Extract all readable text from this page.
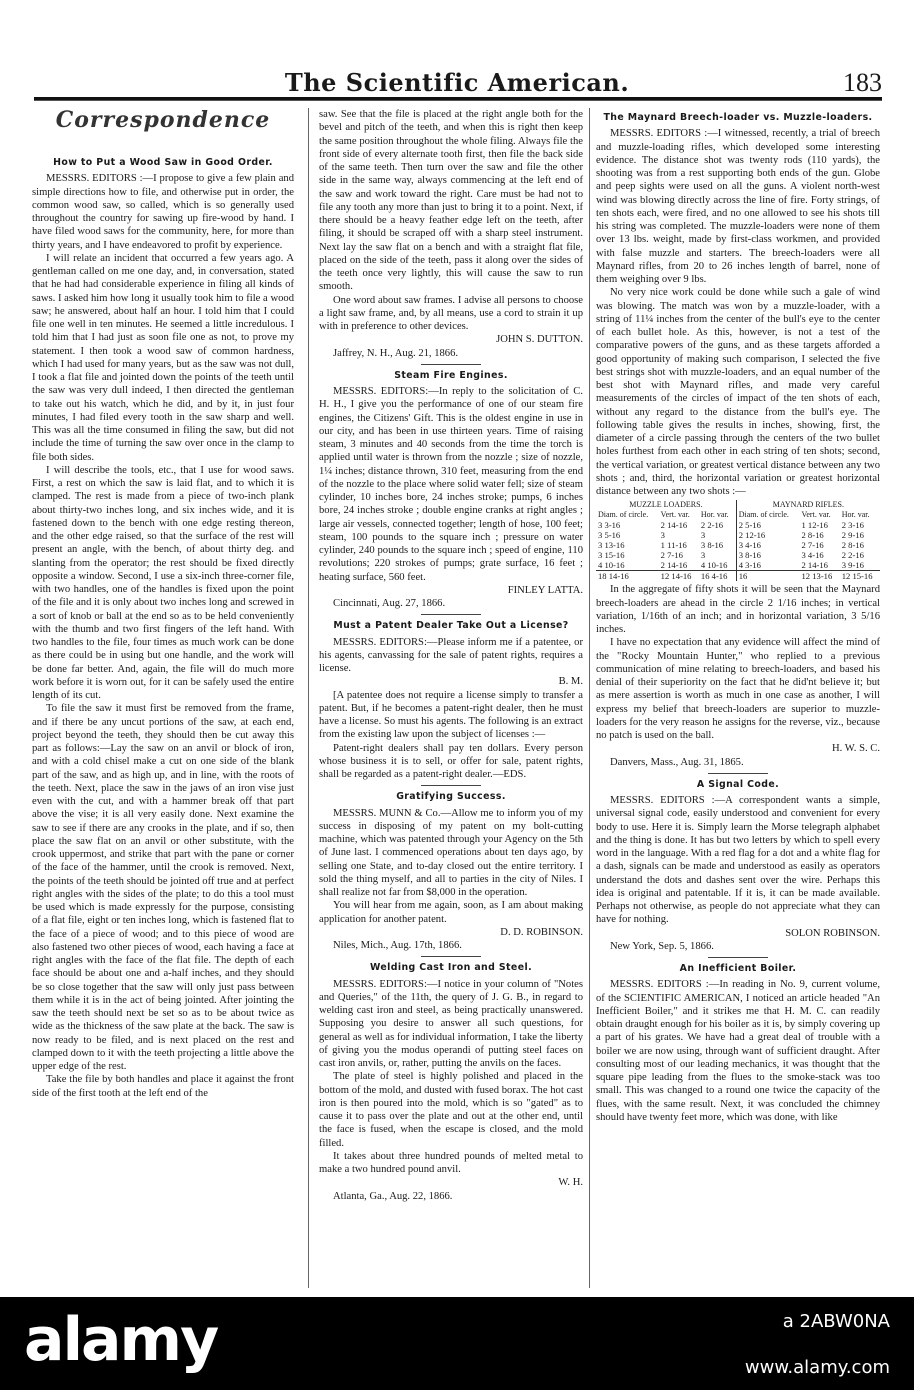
The Scientific American.	183
Correspondence
How to Put a Wood Saw in Good Order.

MESSRS. EDITORS :—I propose to give a few plain and simple directions how to file, and otherwise put in order, the common wood saw, so called, which is so generally used throughout the country for sawing up fire-wood by hand. I have filed wood saws for the community, here, for more than thirty years, and I have endeavored to profit by experience.

I will relate an incident that occurred a few years ago. A gentleman called on me one day, and, in conversation, stated that he had had considerable experience in filing all kinds of saws. I asked him how long it usually took him to file a wood saw; he answered, about half an hour. I told him that I could file one well in ten minutes. He seemed a little incredulous. I told him that I had just as soon file one as not, to prove my statement. I then took a wood saw of common hardness, which I had used for many years, but as the saw was not dull, I took a flat file and jointed down the points of the teeth until the saw was very dull indeed, I then directed the gentleman to take out his watch, which he did, and by it, in just four minutes, I had filed every tooth in the saw sharp and well. This was all the time consumed in filing the saw, but did not include the time of turning the saw over once in the clamp to file both sides.

I will describe the tools, etc., that I use for wood saws. First, a rest on which the saw is laid flat, and to which it is clamped. The rest is made from a piece of two-inch plank about thirty-two inches long, and six inches wide, and it is fastened down to the bench with one edge resting thereon, and the other edge raised, so that the surface of the rest will present an angle, with the bench, of about thirty deg. and slanting from the operator; the rest should be fixed directly opposite a window. Second, I use a six-inch three-corner file, with two handles, one of the handles is fixed upon the point of the file and it is only about two inches long and screwed in a sort of knob or ball at the end so as to be held conveniently with the thumb and two first fingers of the left hand. With two handles to the file, four times as much work can be done as there could be in using but one handle, and the work will be done far better. And, again, the file will do much more work before it is worn out, for it can be safely used the entire length of its cut.

To file the saw it must first be removed from the frame, and if there be any uncut portions of the saw, at each end, project beyond the teeth, they should then be cut away this part as follows:—Lay the saw on an anvil or block of iron, and with a cold chisel make a cut on one side of the blank part of the saw, and as high up, and in line, with the roots of the teeth. Next, place the saw in the jaws of an iron vise just even with the cut, and with a hammer break off that part above the vise; it is all very easily done. Next examine the saw to see if there are any crooks in the plate, and if so, then place the saw flat on an anvil or other substitute, with the crook uppermost, and strike that part with the pane or corner of the face of the hammer, until the crook is removed. Next, the points of the teeth should be jointed off true and at perfect right angles with the sides of the plate; to do this a tool must be used which is made expressly for the purpose, consisting of a flat file, eight or ten inches long, which is fastened flat to the face of a piece of wood; and to this piece of wood are also fastened two other pieces of wood, each having a face at right angles with the face of the flat file. The depth of each face should be about one and a-half inches, and they should be so close together that the saw will only just pass between them while it is in the act of being jointed. After jointing the saw the teeth should next be set so as to be about twice as wide as the thickness of the saw plate at the back. The saw is now ready to be filed, and is next placed on the rest and clamped down to it with the teeth projecting a little above the upper edge of the rest.

Take the file by both handles and place it against the front side of the first tooth at the left end of the

saw. See that the file is placed at the right angle both for the bevel and pitch of the teeth, and when this is right then keep the same position throughout the whole filing. Always file the front side of every alternate tooth first, then file the back side of the same teeth. Then turn over the saw and file the other side in the same way, always commencing at the left end of the saw and work toward the right. Care must be had not to file any tooth any more than just to bring it to a point. Next, if there should be a heavy feather edge left on the teeth, after filing, it should be scraped off with a sharp steel instrument. Next lay the saw flat on a bench and with a straight flat file, placed on the side of the teeth, pass it along over the sides of the teeth once very lightly, this will cause the saw to run smooth.

One word about saw frames. I advise all persons to choose a light saw frame, and, by all means, use a cord to strain it up with in preference to other devices.

JOHN S. DUTTON.

Jaffrey, N. H., Aug. 21, 1866.

Steam Fire Engines.

MESSRS. EDITORS:—In reply to the solicitation of C. H. H., I give you the performance of one of our steam fire engines, the Citizens' Gift. This is the oldest engine in use in our city, and has been in use thirteen years. Time of raising steam, 3 minutes and 40 seconds from the time the torch is applied until water is thrown from the nozzle ; size of nozzle, 1¼ inches; distance thrown, 310 feet, measuring from the end of the nozzle to the place where solid water fell; size of steam cylinder, 10 inches bore, 24 inches stroke; pumps, 6 inches bore, 24 inches stroke ; double engine cranks at right angles ; large air vessels, connected together; length of hose, 100 feet; steam, 100 pounds to the square inch ; pressure on water cylinder, 240 pounds to the square inch ; speed of engine, 110 revolutions; 220 strokes of pumps; grate surface, 16 feet ; heating surface, 560 feet.

FINLEY LATTA.

Cincinnati, Aug. 27, 1866.

Must a Patent Dealer Take Out a License?

MESSRS. EDITORS:—Please inform me if a patentee, or his agents, canvassing for the sale of patent rights, requires a license.

B. M.

[A patentee does not require a license simply to transfer a patent. But, if he becomes a patent-right dealer, then he must have a license. So must his agents. The following is an extract from the existing law upon the subject of licenses :—

Patent-right dealers shall pay ten dollars. Every person whose business it is to sell, or offer for sale, patent rights, shall be regarded as a patent-right dealer.—EDS.

Gratifying Success.

MESSRS. MUNN & Co.—Allow me to inform you of my success in disposing of my patent on my bolt-cutting machine, which was patented through your Agency on the 5th of June last. I commenced operations about ten days ago, by selling one State, and to-day closed out the entire territory. I sold the thing myself, and all to parties in the city of Niles. I shall realize not far from $8,000 in the operation.

You will hear from me again, soon, as I am about making application for another patent.

D. D. ROBINSON.

Niles, Mich., Aug. 17th, 1866.

Welding Cast Iron and Steel.

MESSRS. EDITORS:—I notice in your column of "Notes and Queries," of the 11th, the query of J. G. B., in regard to welding cast iron and steel, as being practically unanswered. Supposing you desire to answer all such questions, for general as well as for individual information, I take the liberty of giving you the modus operandi of putting steel faces on cast iron anvils, or, rather, putting the anvils on the faces.

The plate of steel is highly polished and placed in the bottom of the mold, and dusted with fused borax. The hot cast iron is then poured into the mold, which is so "gated" as to cause it to pass over the plate and out at the other end, until the face is fused, when the escape is closed, and the mold filled.

It takes about three hundred pounds of melted metal to make a two hundred pound anvil.

W. H.

Atlanta, Ga., Aug. 22, 1866.

The Maynard Breech-loader vs. Muzzle-loaders.

MESSRS. EDITORS :—I witnessed, recently, a trial of breech and muzzle-loading rifles, which developed some interesting evidence. The distance shot was twenty rods (110 yards), the shooting was from a rest supporting both ends of the gun. Globe and peep sights were used on all the guns. A violent north-west wind was blowing directly across the line of fire. Forty strings, of ten shots each, were fired, and no one allowed to see his shots till his string was completed. The muzzle-loaders were none of them over 13 lbs. weight, made by first-class workmen, and provided with false muzzle and starters. The breech-loaders were all Maynard rifles, from 20 to 26 inches length of barrel, none of them weighing over 9 lbs.

No very nice work could be done while such a gale of wind was blowing. The match was won by a muzzle-loader, with a string of 11¼ inches from the center of the bull's eye to the center of each bullet hole. As this, however, is not a test of the comparative powers of the guns, and as these targets afforded a good opportunity of making such comparison, I selected the five best strings shot with muzzle-loaders, and an equal number of the best shot with Maynard rifles, and made very careful measurements of the circles of impact of the ten shots of each, without any regard to the distance from the bull's eye. The following table gives the results in inches, showing, first, the diameter of a circle passing through the centers of the two bullet holes furthest from each other in each string of ten shots; second, the vertical variation, or greatest vertical distance between any two shots ; and, third, the horizontal variation or greatest horizontal distance between any two shots :—

MUZZLE LOADERS.			MAYNARD RIFLES.		
Diam. of circle.	Vert. var.	Hor. var.	Diam. of circle.	Vert. var.	Hor. var.
3 3-16	2 14-16	2 2-16	2 5-16	1 12-16	2 3-16
3 5-16	3	3	2 12-16	2 8-16	2 9-16
3 13-16	1 11-16	3 8-16	3 4-16	2 7-16	2 8-16
3 15-16	2 7-16	3	3 8-16	3 4-16	2 2-16
4 10-16	2 14-16	4 10-16	4 3-16	2 14-16	3 9-16
18 14-16	12 14-16	16 4-16	16	12 13-16	12 15-16

In the aggregate of fifty shots it will be seen that the Maynard breech-loaders are ahead in the circle 2 1/16 inches; in vertical variation, 1/16th of an inch; and in horizontal variation, 3 5/16 inches.

I have no expectation that any evidence will affect the mind of the "Rocky Mountain Hunter," who replied to a previous communication of mine relating to breech-loaders, and based his denial of their superiority on the fact that he did'nt believe it; but as mere assertion is worth as much in one case as another, I will express my belief that breech-loaders are superior to muzzle-loaders for the very reason he assigns for the reverse, viz., because no patch is used on the ball.

H. W. S. C.

Danvers, Mass., Aug. 31, 1865.

A Signal Code.

MESSRS. EDITORS :—A correspondent wants a simple, universal signal code, easily understood and convenient for every body to use. Here it is. Simply learn the Morse telegraph alphabet and the thing is done. It has but two letters by which to spell every word in the language. With a red flag for a dot and a white flag for a dash, signals can be made and understood as easily as operators understand the dots and dashes sent over the wire. Perhaps this idea is original and patentable. If it is, it can be made available. Perhaps not otherwise, as people do not appreciate what they can have for nothing.

SOLON ROBINSON.

New York, Sep. 5, 1866.

An Inefficient Boiler.

MESSRS. EDITORS :—In reading in No. 9, current volume, of the SCIENTIFIC AMERICAN, I noticed an article headed "An Inefficient Boiler," and it strikes me that H. M. C. can readily obtain draught enough for his boiler as it is, by simply covering up a part of his grates. We have had a great deal of trouble with a boiler we are now using, through want of sufficient draught. After consulting most of our leading mechanics, it was thought that the square pipe leading from the flues to the smoke-stack was too small. This was changed to a round one twice the capacity of the flues, with the same result. Next, it was concluded the chimney should have twenty feet more, which was done, with like

alamy	a 2ABW0NA
www.alamy.com
